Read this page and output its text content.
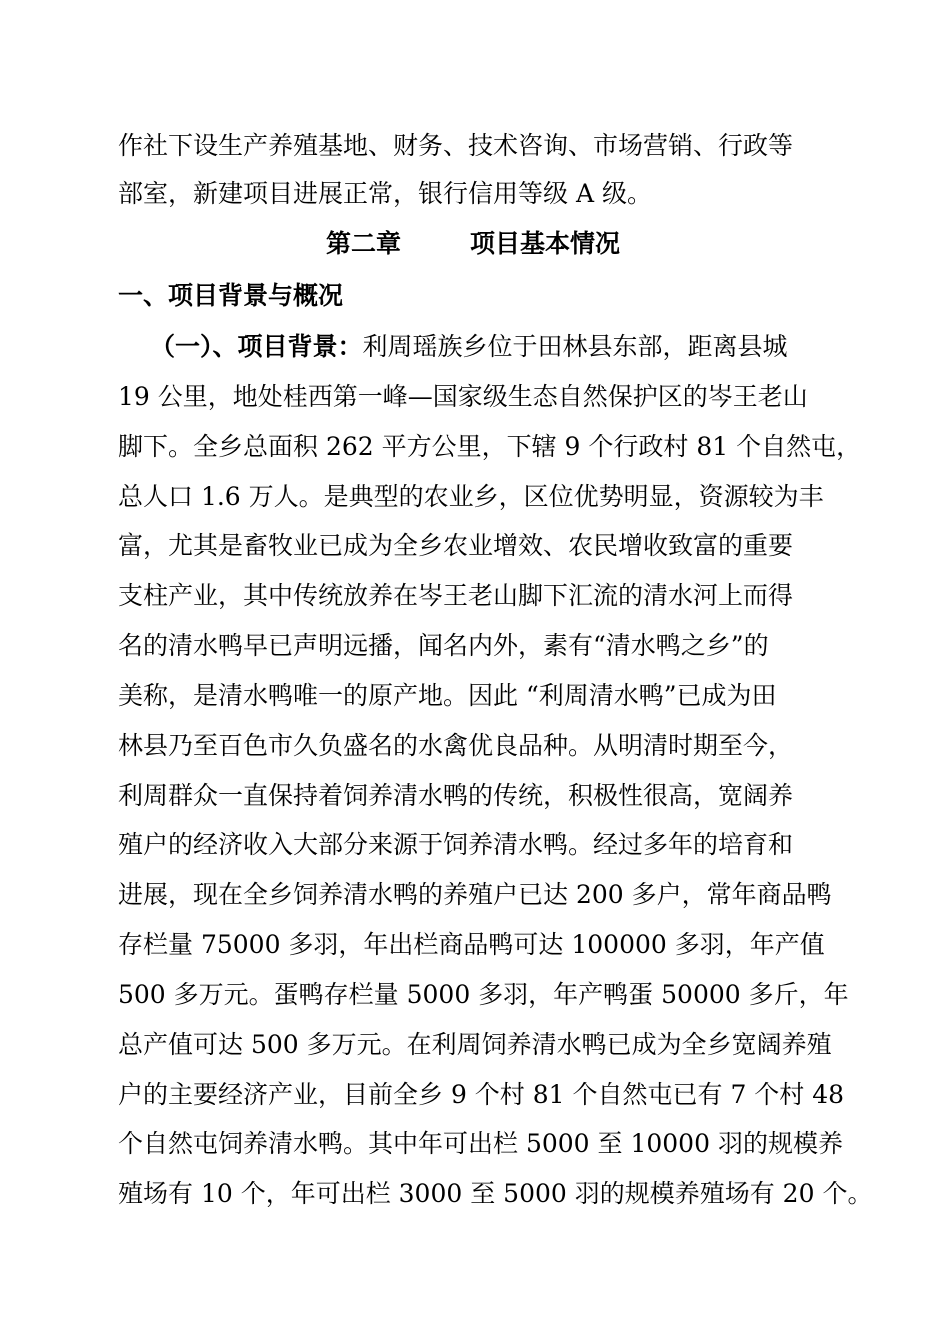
作社下设生产养殖基地、财务、技术咨询、市场营销、行政等
部室，新建项目进展正常，银行信用等级 A 级。
第二章	项目基本情况
一、项目背景与概况
（一）、项目背景：利周瑶族乡位于田林县东部，距离县城
19 公里，地处桂西第一峰—国家级生态自然保护区的岑王老山
脚下。全乡总面积 262 平方公里，下辖 9 个行政村 81 个自然屯，
总人口 1.6 万人。是典型的农业乡，区位优势明显，资源较为丰
富，尤其是畜牧业已成为全乡农业增效、农民增收致富的重要
支柱产业，其中传统放养在岑王老山脚下汇流的清水河上而得
名的清水鸭早已声明远播，闻名内外，素有“清水鸭之乡”的
美称，是清水鸭唯一的原产地。因此 “利周清水鸭”已成为田
林县乃至百色市久负盛名的水禽优良品种。从明清时期至今，
利周群众一直保持着饲养清水鸭的传统，积极性很高，宽阔养
殖户的经济收入大部分来源于饲养清水鸭。经过多年的培育和
进展，现在全乡饲养清水鸭的养殖户已达 200 多户，常年商品鸭
存栏量 75000 多羽，年出栏商品鸭可达 100000 多羽，年产值
500 多万元。蛋鸭存栏量 5000 多羽，年产鸭蛋 50000 多斤，年
总产值可达 500 多万元。在利周饲养清水鸭已成为全乡宽阔养殖
户的主要经济产业，目前全乡 9 个村 81 个自然屯已有 7 个村 48
个自然屯饲养清水鸭。其中年可出栏 5000 至 10000 羽的规模养
殖场有 10 个，年可出栏 3000 至 5000 羽的规模养殖场有 20 个。
